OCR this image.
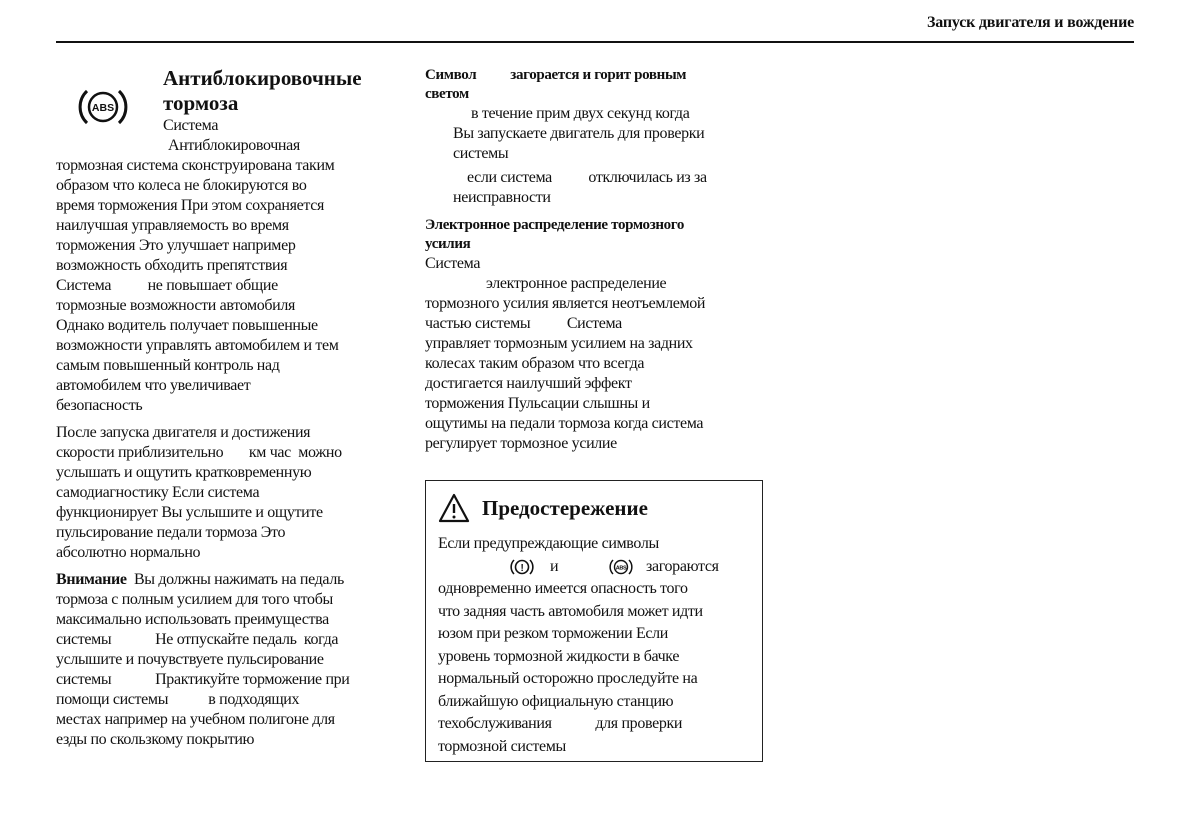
Запуск двигателя и вождение
ABS
Антиблокировочные
тормоза
Система
Антиблокировочная
тормозная система сконструирована таким
образом что колеса не блокируются во
время торможения При этом сохраняется
наилучшая управляемость во время
торможения Это улучшает например
возможность обходить препятствия
Система          не повышает общие
тормозные возможности автомобиля
Однако водитель получает повышенные
возможности управлять автомобилем и тем
самым повышенный контроль над
автомобилем что увеличивает
безопасность
После запуска двигателя и достижения
скорости приблизительно       км час  можно
услышать и ощутить кратковременную
самодиагностику Если система
функционирует Вы услышите и ощутите
пульсирование педали тормоза Это
абсолютно нормально
Внимание  Вы должны нажимать на педаль
тормоза с полным усилием для того чтобы
максимально использовать преимущества
системы            Не отпускайте педаль  когда
услышите и почувствуете пульсирование
системы            Практикуйте торможение при
помощи системы           в подходящих
местах например на учебном полигоне для
езды по скользкому покрытию
Символ          загорается и горит ровным
светом
в течение прим двух секунд когда
Вы запускаете двигатель для проверки
системы
если система          отключилась из за
неисправности
Электронное распределение тормозного
усилия
Система
электронное распределение
тормозного усилия является неотъемлемой
частью системы          Система
управляет тормозным усилием на задних
колесах таким образом что всегда
достигается наилучший эффект
торможения Пульсации слышны и
ощутимы на педали тормоза когда система
регулирует тормозное усилие
Предостережение
Если предупреждающие символы
! и	ABS загораются
одновременно имеется опасность того
что задняя часть автомобиля может идти
юзом при резком торможении Если
уровень тормозной жидкости в бачке
нормальный осторожно проследуйте на
ближайшую официальную станцию
техобслуживания            для проверки
тормозной системы
